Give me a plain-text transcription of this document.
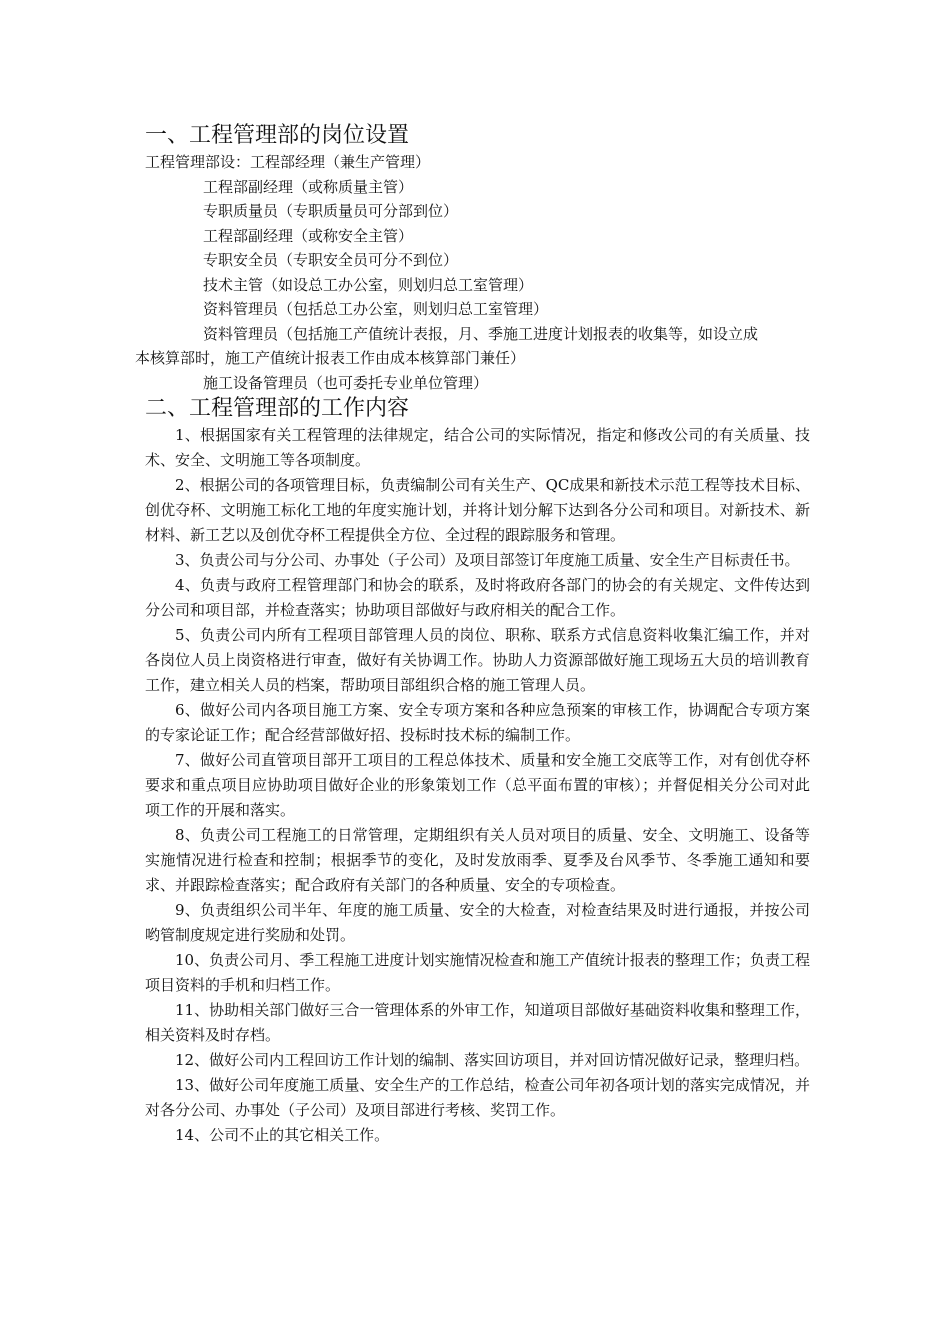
一、工程管理部的岗位设置

工程管理部设：工程部经理（兼生产管理）

工程部副经理（或称质量主管）

专职质量员（专职质量员可分部到位）

工程部副经理（或称安全主管）

专职安全员（专职安全员可分不到位）

技术主管（如设总工办公室，则划归总工室管理）

资料管理员（包括总工办公室，则划归总工室管理）

资料管理员（包括施工产值统计表报，月、季施工进度计划报表的收集等，如设立成

本核算部时，施工产值统计报表工作由成本核算部门兼任）

施工设备管理员（也可委托专业单位管理）

二、工程管理部的工作内容

1、根据国家有关工程管理的法律规定，结合公司的实际情况，指定和修改公司的有关质量、技术、安全、文明施工等各项制度。

2、根据公司的各项管理目标，负责编制公司有关生产、QC成果和新技术示范工程等技术目标、创优夺杯、文明施工标化工地的年度实施计划，并将计划分解下达到各分公司和项目。对新技术、新材料、新工艺以及创优夺杯工程提供全方位、全过程的跟踪服务和管理。

3、负责公司与分公司、办事处（子公司）及项目部签订年度施工质量、安全生产目标责任书。

4、负责与政府工程管理部门和协会的联系，及时将政府各部门的协会的有关规定、文件传达到分公司和项目部，并检查落实；协助项目部做好与政府相关的配合工作。

5、负责公司内所有工程项目部管理人员的岗位、职称、联系方式信息资料收集汇编工作，并对各岗位人员上岗资格进行审查，做好有关协调工作。协助人力资源部做好施工现场五大员的培训教育工作，建立相关人员的档案，帮助项目部组织合格的施工管理人员。

6、做好公司内各项目施工方案、安全专项方案和各种应急预案的审核工作，协调配合专项方案的专家论证工作；配合经营部做好招、投标时技术标的编制工作。

7、做好公司直管项目部开工项目的工程总体技术、质量和安全施工交底等工作，对有创优夺杯要求和重点项目应协助项目做好企业的形象策划工作（总平面布置的审核）；并督促相关分公司对此项工作的开展和落实。

8、负责公司工程施工的日常管理，定期组织有关人员对项目的质量、安全、文明施工、设备等实施情况进行检查和控制；根据季节的变化，及时发放雨季、夏季及台风季节、冬季施工通知和要求、并跟踪检查落实；配合政府有关部门的各种质量、安全的专项检查。

9、负责组织公司半年、年度的施工质量、安全的大检查，对检查结果及时进行通报，并按公司哟管制度规定进行奖励和处罚。

10、负责公司月、季工程施工进度计划实施情况检查和施工产值统计报表的整理工作；负责工程项目资料的手机和归档工作。

11、协助相关部门做好三合一管理体系的外审工作，知道项目部做好基础资料收集和整理工作，相关资料及时存档。

12、做好公司内工程回访工作计划的编制、落实回访项目，并对回访情况做好记录，整理归档。

13、做好公司年度施工质量、安全生产的工作总结，检查公司年初各项计划的落实完成情况，并对各分公司、办事处（子公司）及项目部进行考核、奖罚工作。

14、公司不止的其它相关工作。
